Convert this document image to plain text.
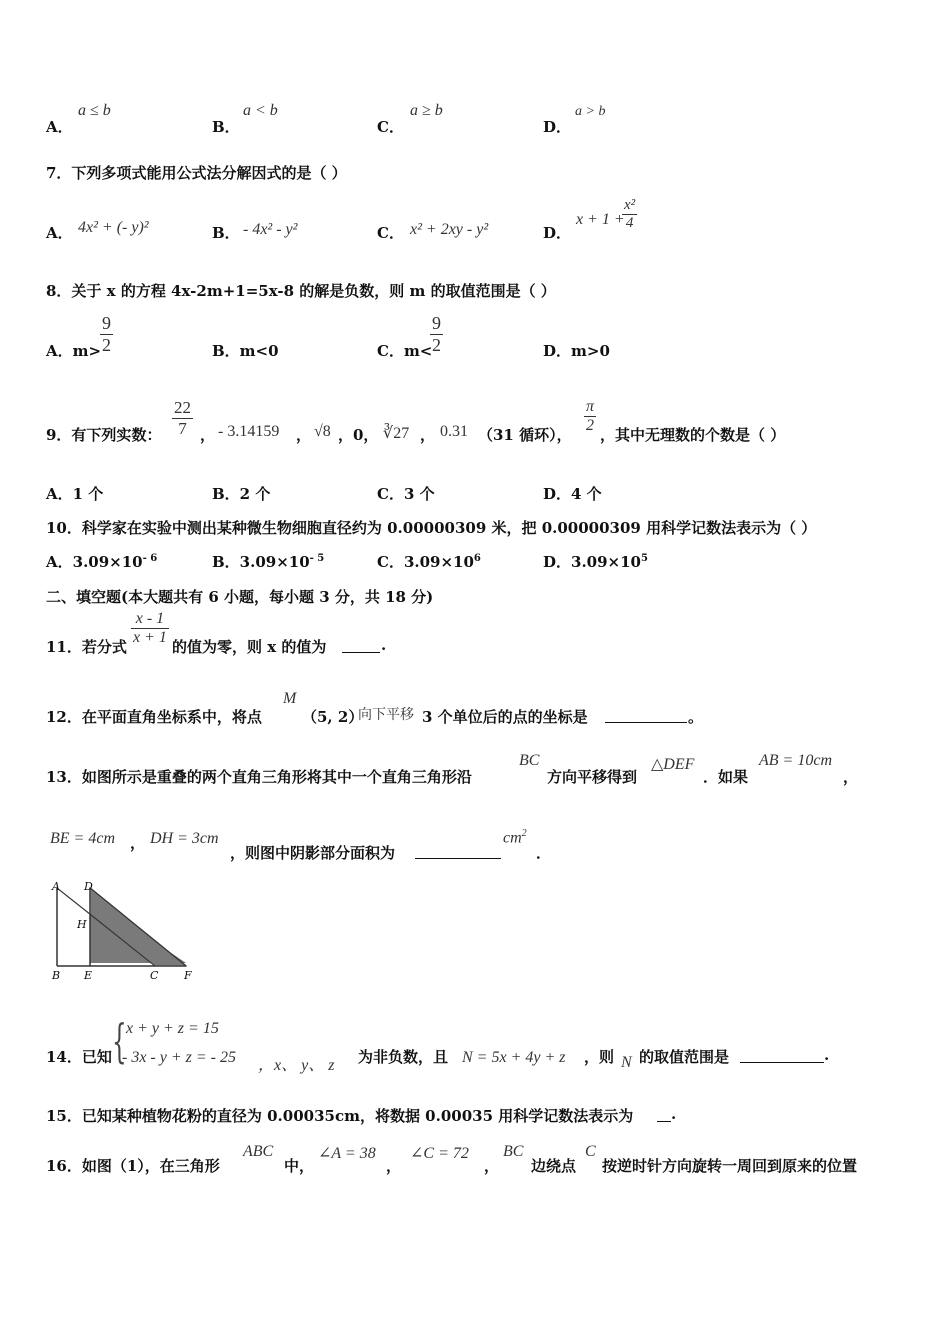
A．
a ≤ b
B．
a < b
C．
a ≥ b
D．
a > b
7．下列多项式能用公式法分解因式的是（ ）
A． 4x² + (- y)²	B． - 4x² - y²	C． x² + 2xy - y²	D．
x + 1 +
$\frac{\text{x²}}{4}$
8．关于 x 的方程 4x-2m+1=5x-8 的解是负数，则 m 的取值范围是（ ）
A．m>
$\frac{9}{2}$	B．m<0	C．m<
$\frac{9}{2}$	D．m>0
9．有下列实数： $\frac{22}{7}$ ， - 3.14159 ， √8 ，0， ∛27 ， 0.31 （31 循环）， $\frac{\pi}{2}$ ，其中无理数的个数是（ ）
A．1 个	B．2 个	C．3 个	D．4 个
10．科学家在实验中测出某种微生物细胞直径约为 0.00000309 米，把 0.00000309 用科学记数法表示为（ ）
A．$3.09\times 10^{- 6}$	B．$3.09\times 10^{- 5}$	C．$3.09\times 10^6$	D．$3.09\times 10^5$
二、填空题(本大题共有 6 小题，每小题 3 分，共 18 分)
11．若分式 $\frac{x - 1}{x + 1}$ 的值为零，则 x 的值为	.
12．在平面直角坐标系中，将点
M
（5, 2）
向下平移 3 个单位后的点的坐标是	。
13．如图所示是重叠的两个直角三角形将其中一个直角三角形沿
BC
方向平移得到
△DEF
．如果
AB = 10cm
，
BE = 4cm ， DH = 3cm
，则图中阴影部分面积为
$cm^2$
．
A D
H
B E	C F
14．已知 { x + y + z = 15
- 3x - y + z = - 25 ，x、 y、 z 为非负数，且 N = 5x + 4y + z ，则 N 的取值范围是	.
15．已知某种植物花粉的直径为 0.00035cm，将数据 0.00035 用科学记数法表示为	.
16．如图（1），在三角形
ABC
中，
∠A = 38
，
∠C = 72
，
BC
边绕点
C
按逆时针方向旋转一周回到原来的位置
